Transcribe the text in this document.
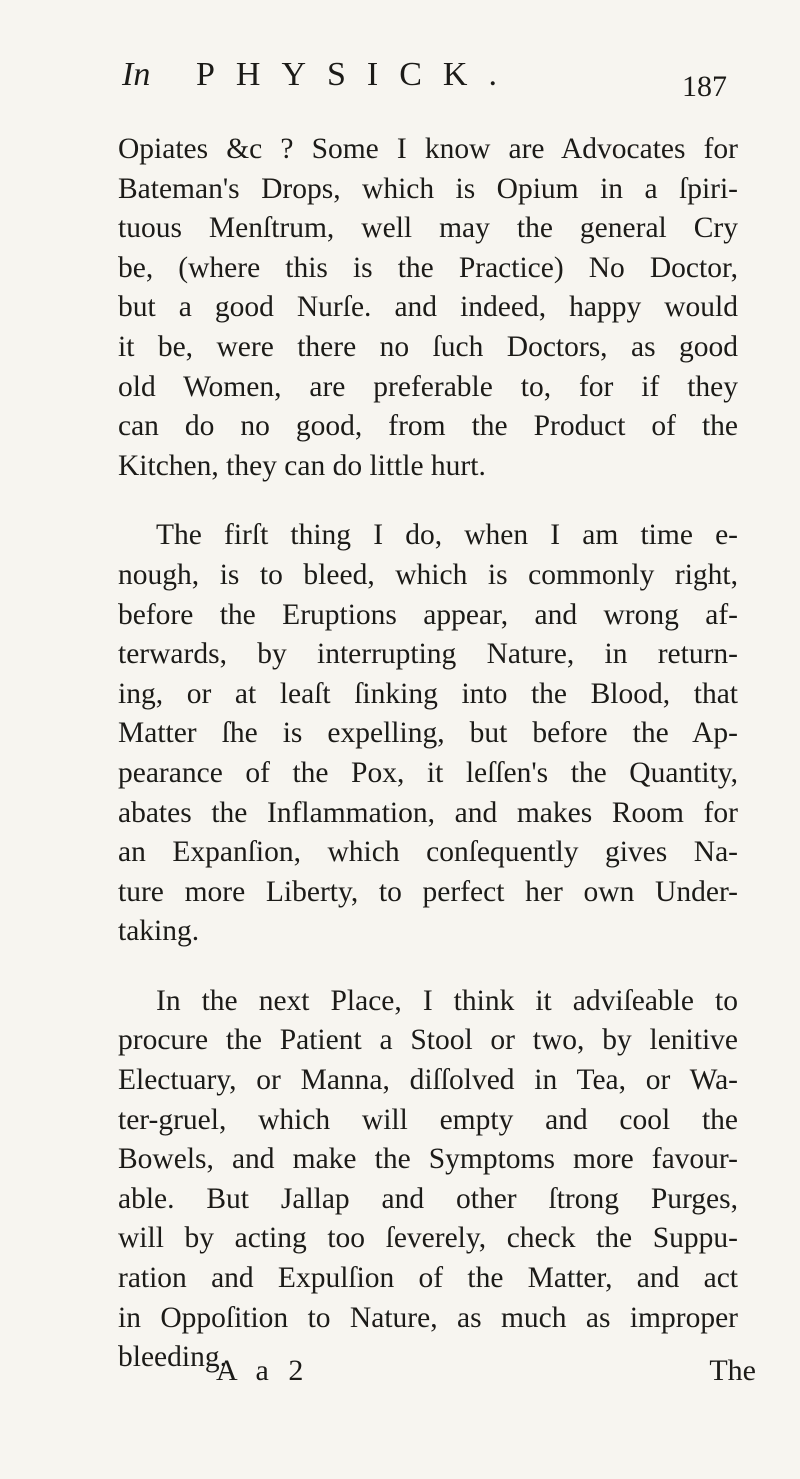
In PHYSICK.	187
Opiates &c ? Some I know are Advocates for
Bateman's Drops, which is Opium in a ſpiri-
tuous Menſtrum, well may the general Cry
be, (where this is the Practice) No Doctor,
but a good Nurſe. and indeed, happy would
it be, were there no ſuch Doctors, as good
old Women, are preferable to, for if they
can do no good, from the Product of the
Kitchen, they can do little hurt.
The firſt thing I do, when I am time e-
nough, is to bleed, which is commonly right,
before the Eruptions appear, and wrong af-
terwards, by interrupting Nature, in return-
ing, or at leaſt ſinking into the Blood, that
Matter ſhe is expelling, but before the Ap-
pearance of the Pox, it leſſen's the Quantity,
abates the Inflammation, and makes Room for
an Expanſion, which conſequently gives Na-
ture more Liberty, to perfect her own Under-
taking.
In the next Place, I think it adviſeable to
procure the Patient a Stool or two, by lenitive
Electuary, or Manna, diſſolved in Tea, or Wa-
ter-gruel, which will empty and cool the
Bowels, and make the Symptoms more favour-
able. But Jallap and other ſtrong Purges,
will by acting too ſeverely, check the Suppu-
ration and Expulſion of the Matter, and act
in Oppoſition to Nature, as much as improper
bleeding.
A a 2	The
